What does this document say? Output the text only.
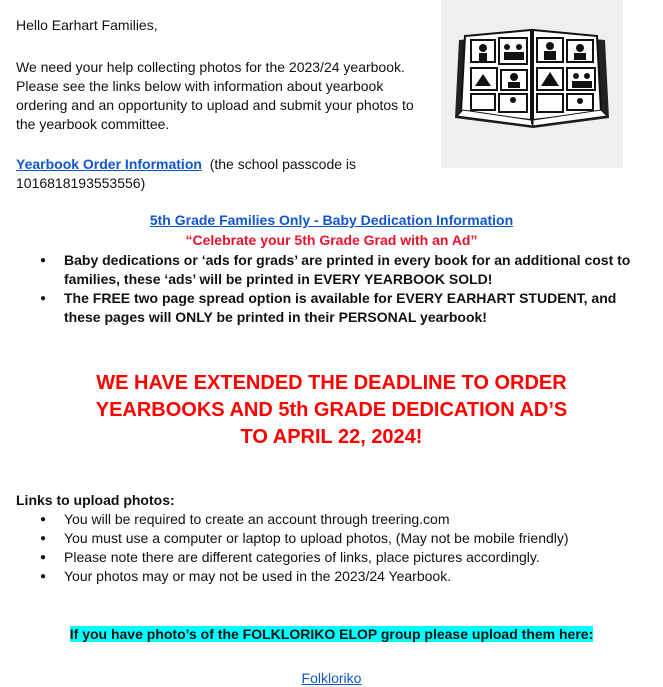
Hello Earhart Families,

We need your help collecting photos for the 2023/24 yearbook. Please see the links below with information about yearbook ordering and an opportunity to upload and submit your photos to the yearbook committee.

Yearbook Order Information (the school passcode is 1016818193553556)

5th Grade Families Only - Baby Dedication Information
“Celebrate your 5th Grade Grad with an Ad”
● Baby dedications or ‘ads for grads’ are printed in every book for an additional cost to families, these ‘ads’ will be printed in EVERY YEARBOOK SOLD!
● The FREE two page spread option is available for EVERY EARHART STUDENT, and these pages will ONLY be printed in their PERSONAL yearbook!
WE HAVE EXTENDED THE DEADLINE TO ORDER
YEARBOOKS AND 5th GRADE DEDICATION AD’S
TO APRIL 22, 2024!

Links to upload photos:

● You will be required to create an account through treering.com
● You must use a computer or laptop to upload photos, (May not be mobile friendly)
● Please note there are different categories of links, place pictures accordingly.
● Your photos may or may not be used in the 2023/24 Yearbook.
If you have photo’s of the FOLKLORIKO ELOP group please upload them here:
Folkloriko
